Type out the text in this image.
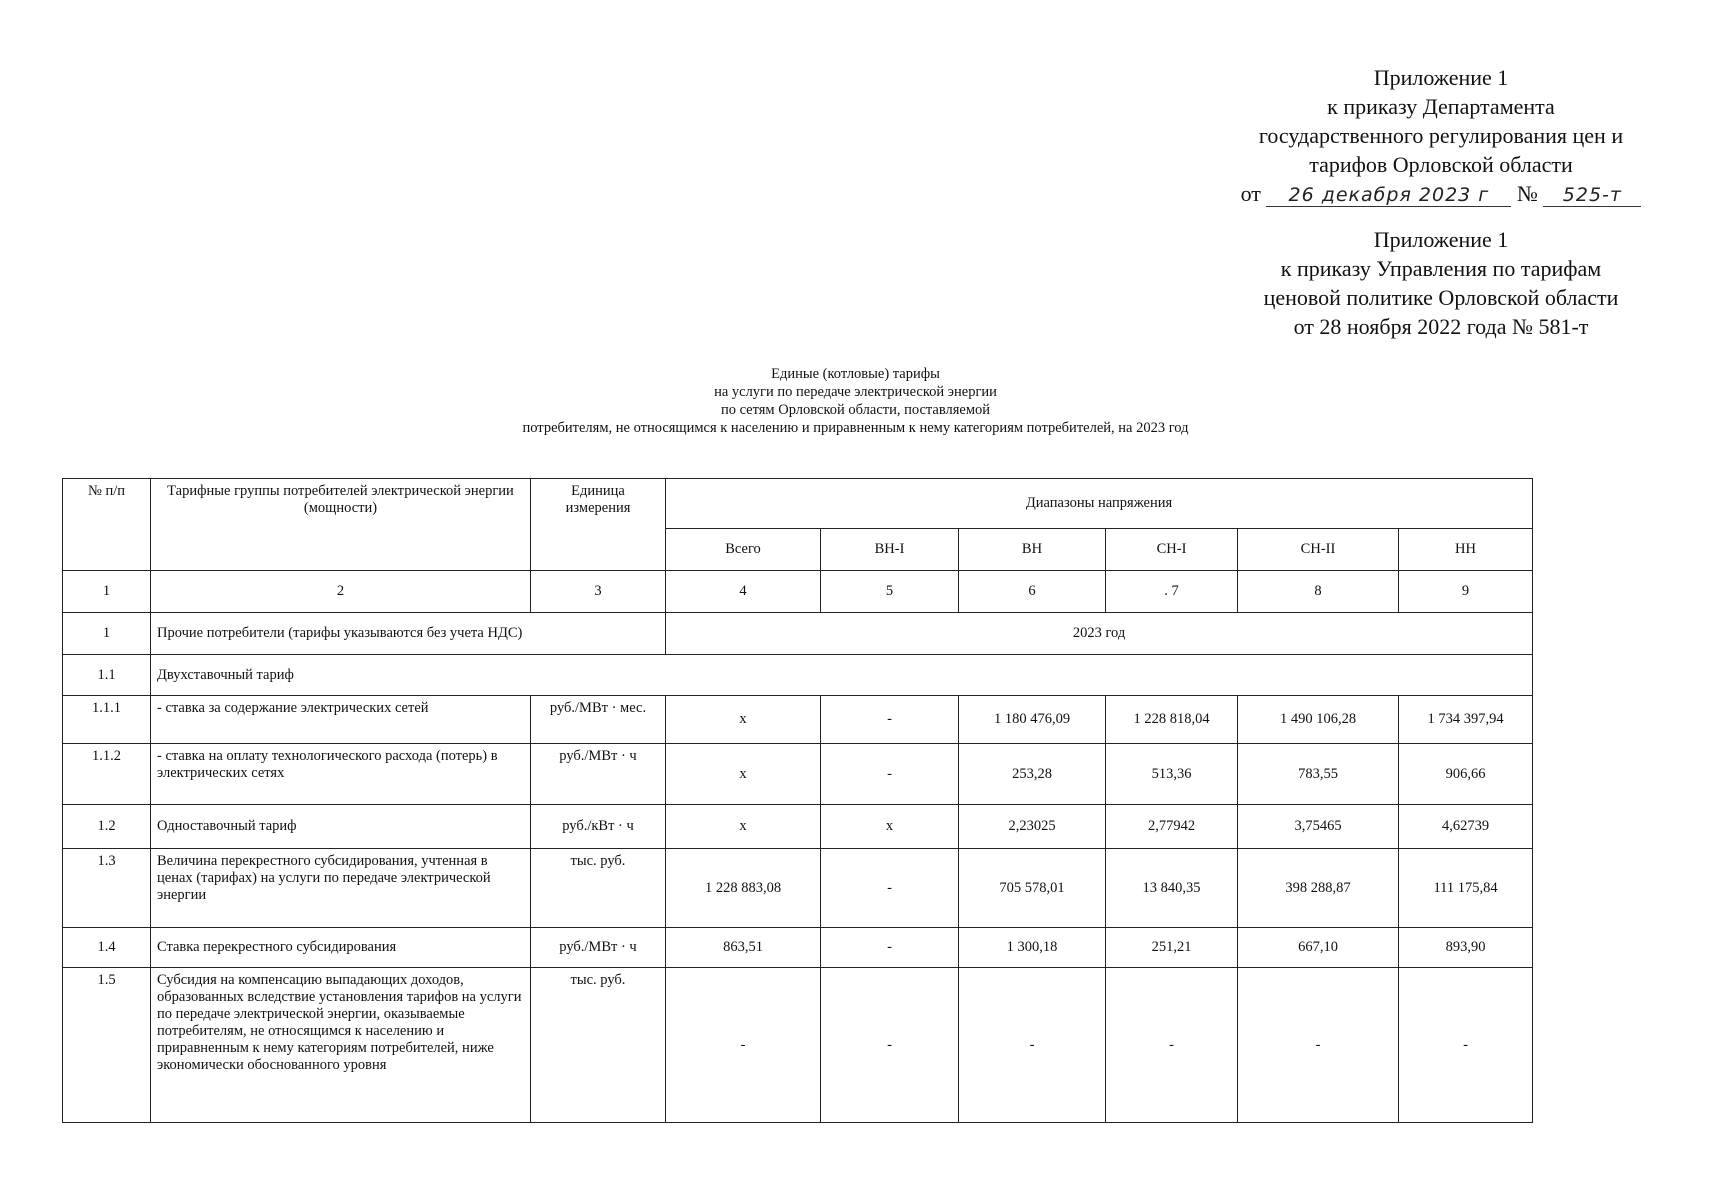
Приложение 1
к приказу Департамента
государственного регулирования цен и
тарифов Орловской области
от 26 декабря 2023 г № 525-т
Приложение 1
к приказу Управления по тарифам
ценовой политике Орловской области
от 28 ноября 2022 года № 581-т
Единые (котловые) тарифы
на услуги по передаче электрической энергии
по сетям Орловской области, поставляемой
потребителям, не относящимся к населению и приравненным к нему категориям потребителей, на 2023 год
№ п/п	Тарифные группы потребителей электрической энергии (мощности)	Единица измерения	Диапазоны напряжения					
			Всего	ВН-I	ВН	СН-I	СН-II	НН
1	2	3	4	5	6	. 7	8	9
1	Прочие потребители (тарифы указываются без учета НДС)		2023 год					
1.1	Двухставочный тариф							
1.1.1	- ставка за содержание электрических сетей	руб./МВт · мес.	х	-	1 180 476,09	1 228 818,04	1 490 106,28	1 734 397,94
1.1.2	- ставка на оплату технологического расхода (потерь) в электрических сетях	руб./МВт · ч	х	-	253,28	513,36	783,55	906,66
1.2	Одноставочный тариф	руб./кВт · ч	х	х	2,23025	2,77942	3,75465	4,62739
1.3	Величина перекрестного субсидирования, учтенная в ценах (тарифах) на услуги по передаче электрической энергии	тыс. руб.	1 228 883,08	-	705 578,01	13 840,35	398 288,87	111 175,84
1.4	Ставка перекрестного субсидирования	руб./МВт · ч	863,51	-	1 300,18	251,21	667,10	893,90
1.5	Субсидия на компенсацию выпадающих доходов, образованных вследствие установления тарифов на услуги по передаче электрической энергии, оказываемые потребителям, не относящимся к населению и приравненным к нему категориям потребителей, ниже экономически обоснованного уровня	тыс. руб.	-	-	-	-	-	-
